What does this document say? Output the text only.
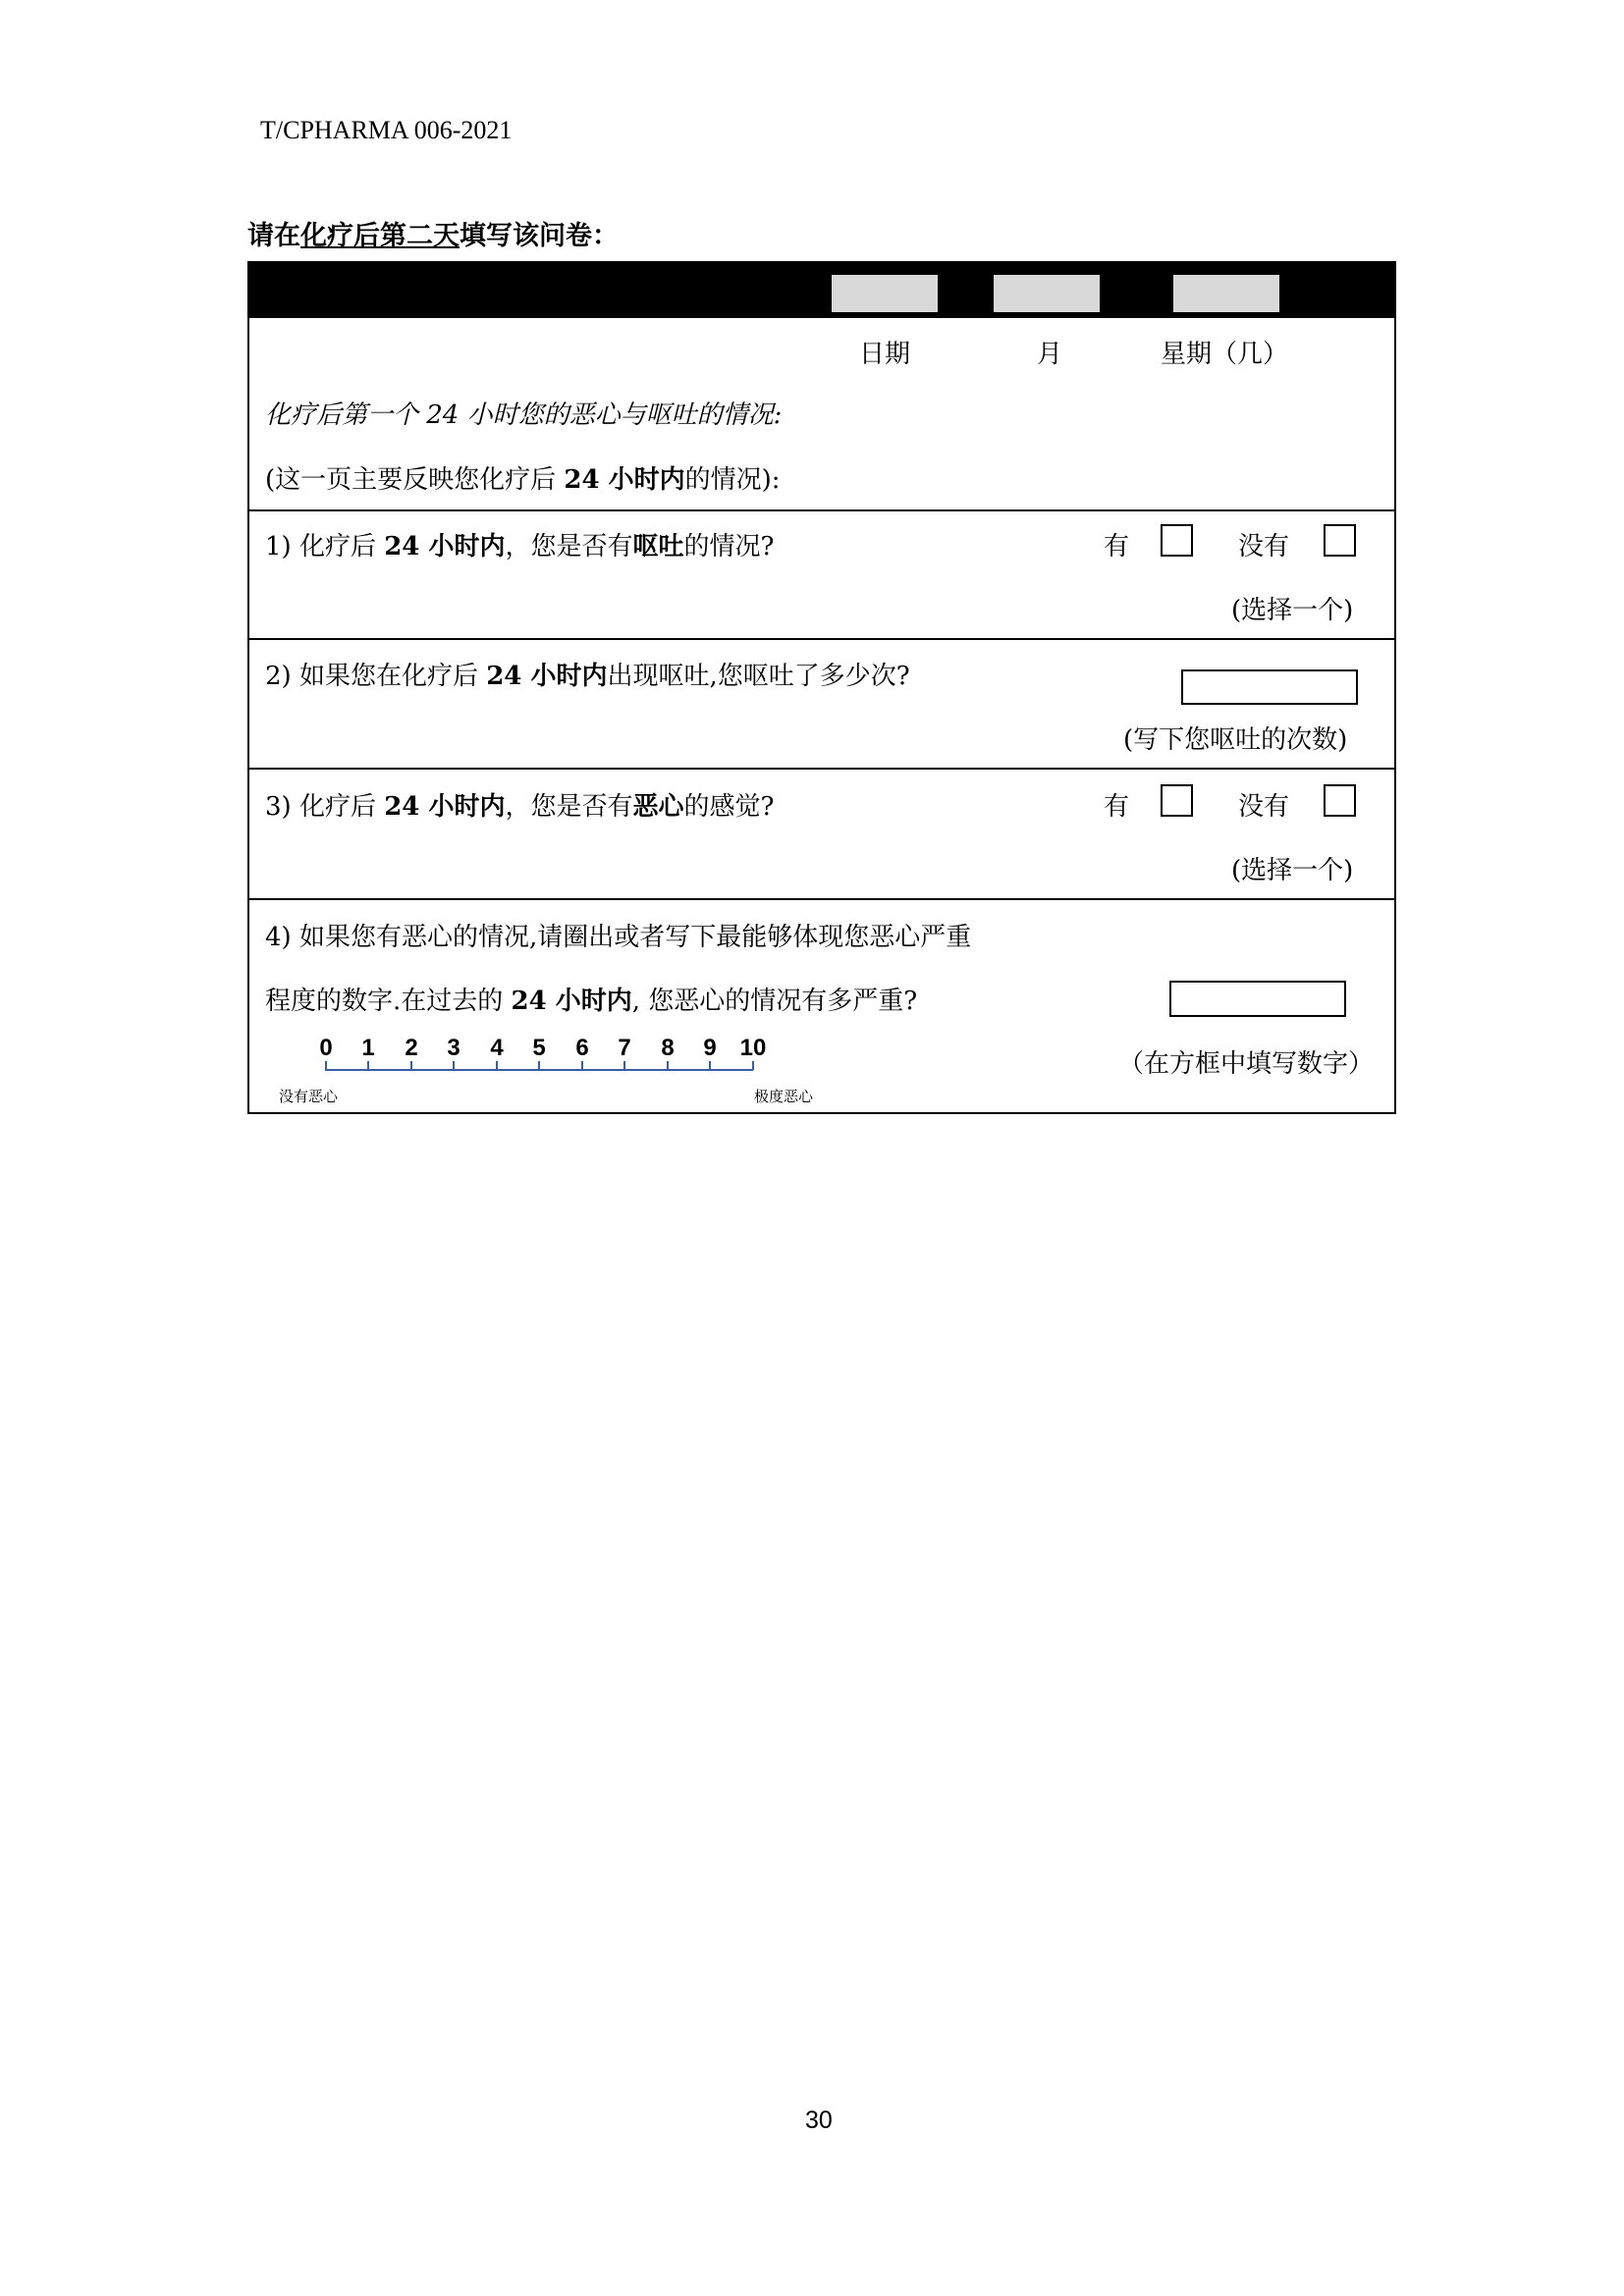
T/CPHARMA 006-2021
请在化疗后第二天填写该问卷：
日期	月	星期（几）
化疗后第一个 24 小时您的恶心与呕吐的情况:
(这一页主要反映您化疗后 24 小时内的情况):
1) 化疗后 24 小时内，您是否有呕吐的情况?	有	没有
(选择一个)
2) 如果您在化疗后 24 小时内出现呕吐,您呕吐了多少次?
(写下您呕吐的次数)
3) 化疗后 24 小时内，您是否有恶心的感觉?	有	没有
(选择一个)
4) 如果您有恶心的情况,请圈出或者写下最能够体现您恶心严重
程度的数字.在过去的 24 小时内, 您恶心的情况有多严重?
（在方框中填写数字）
0 1 2 3 4 5 6 7 8 9 10
没有恶心	极度恶心
30
